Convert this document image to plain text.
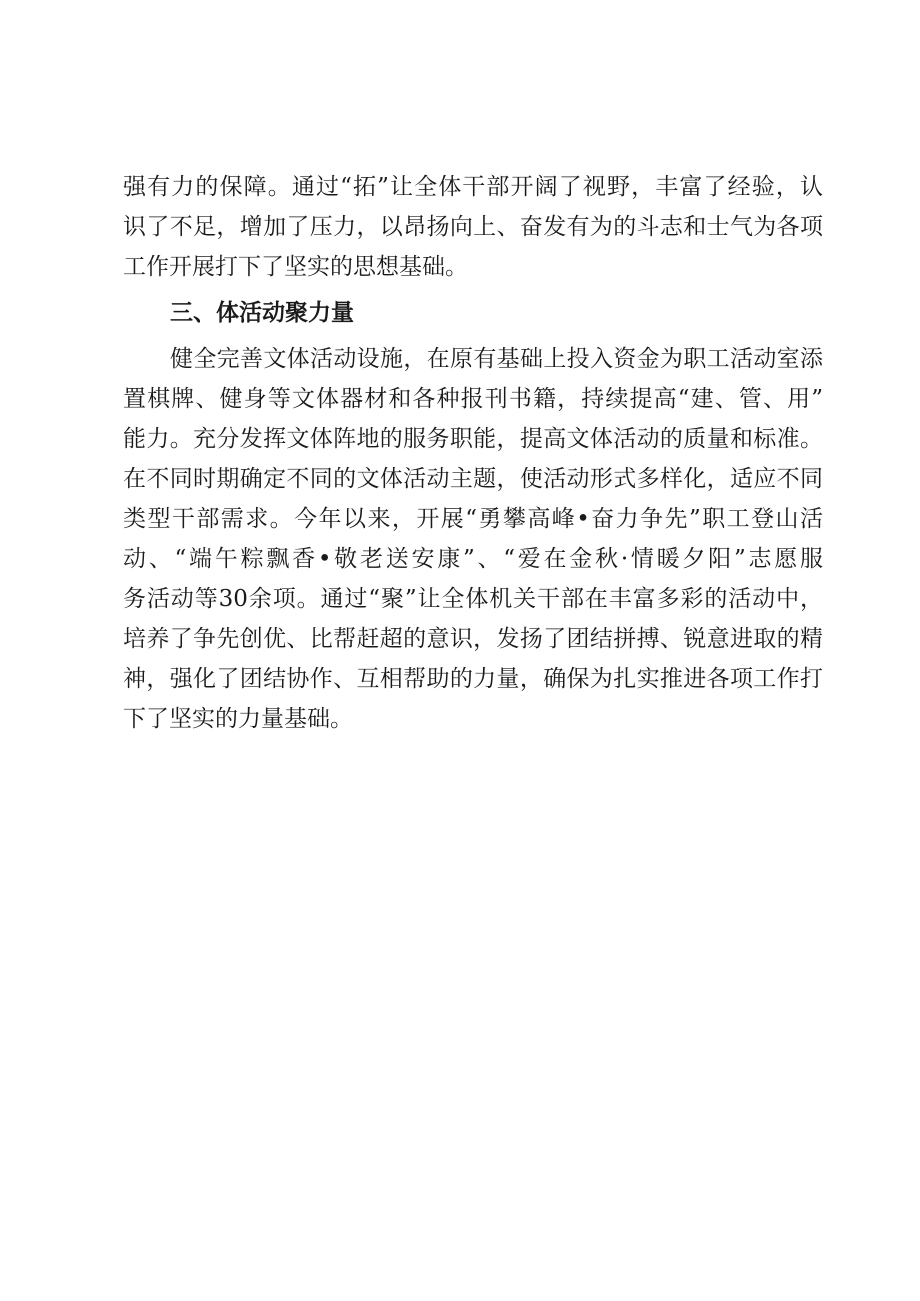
强有力的保障。通过“拓”让全体干部开阔了视野，丰富了经验，认
识了不足，增加了压力，以昂扬向上、奋发有为的斗志和士气为各项
工作开展打下了坚实的思想基础。
三、体活动聚力量
健全完善文体活动设施，在原有基础上投入资金为职工活动室添
置棋牌、健身等文体器材和各种报刊书籍，持续提高“建、管、用”
能力。充分发挥文体阵地的服务职能，提高文体活动的质量和标准。
在不同时期确定不同的文体活动主题，使活动形式多样化，适应不同
类型干部需求。今年以来，开展“勇攀高峰•奋力争先”职工登山活
动、“端午粽飘香•敬老送安康”、“爱在金秋·情暖夕阳”志愿服
务活动等30余项。通过“聚”让全体机关干部在丰富多彩的活动中，
培养了争先创优、比帮赶超的意识，发扬了团结拼搏、锐意进取的精
神，强化了团结协作、互相帮助的力量，确保为扎实推进各项工作打
下了坚实的力量基础。
